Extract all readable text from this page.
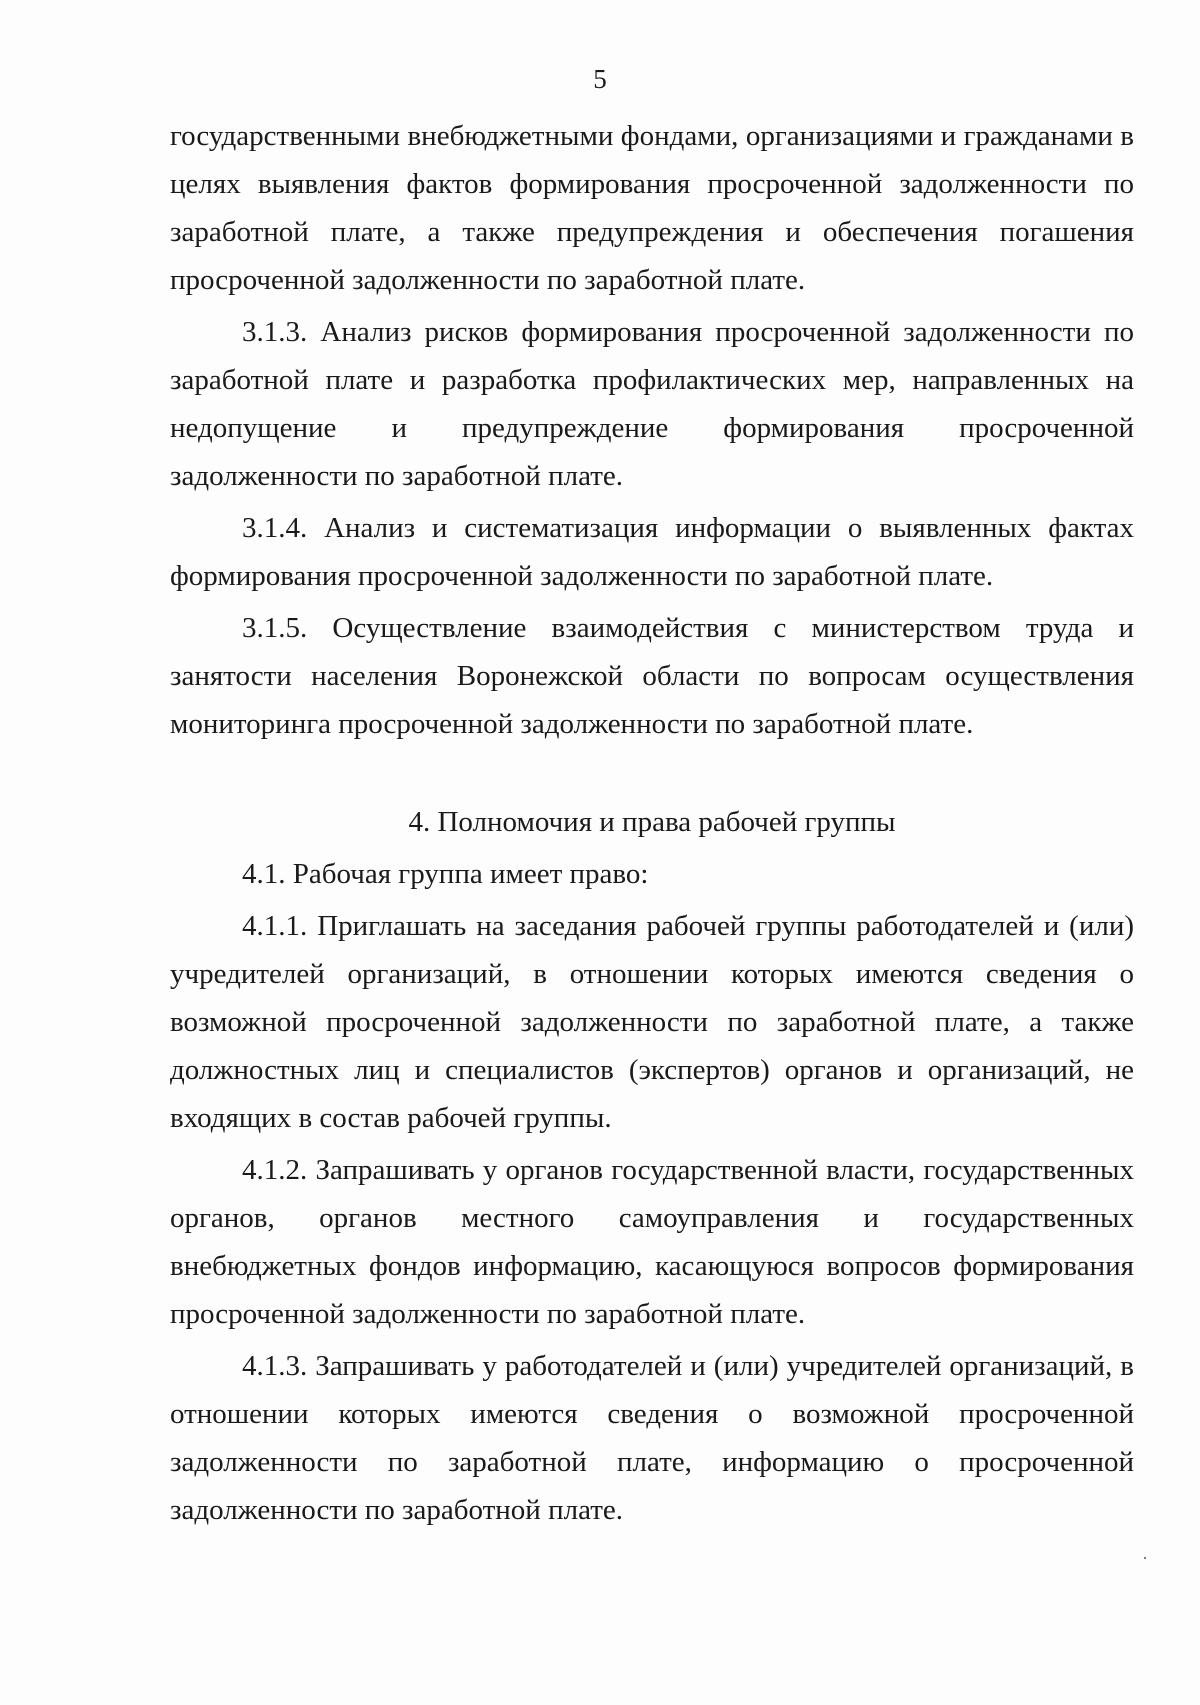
5

государственными внебюджетными фондами, организациями и гражданами в целях выявления фактов формирования просроченной задолженности по заработной плате, а также предупреждения и обеспечения погашения просроченной задолженности по заработной плате.

3.1.3. Анализ рисков формирования просроченной задолженности по заработной плате и разработка профилактических мер, направленных на недопущение и предупреждение формирования просроченной задолженности по заработной плате.

3.1.4. Анализ и систематизация информации о выявленных фактах формирования просроченной задолженности по заработной плате.

3.1.5. Осуществление взаимодействия с министерством труда и занятости населения Воронежской области по вопросам осуществления мониторинга просроченной задолженности по заработной плате.

4. Полномочия и права рабочей группы

4.1. Рабочая группа имеет право:

4.1.1. Приглашать на заседания рабочей группы работодателей и (или) учредителей организаций, в отношении которых имеются сведения о возможной просроченной задолженности по заработной плате, а также должностных лиц и специалистов (экспертов) органов и организаций, не входящих в состав рабочей группы.

4.1.2. Запрашивать у органов государственной власти, государственных органов, органов местного самоуправления и государственных внебюджетных фондов информацию, касающуюся вопросов формирования просроченной задолженности по заработной плате.

4.1.3. Запрашивать у работодателей и (или) учредителей организаций, в отношении которых имеются сведения о возможной просроченной задолженности по заработной плате, информацию о просроченной задолженности по заработной плате.
